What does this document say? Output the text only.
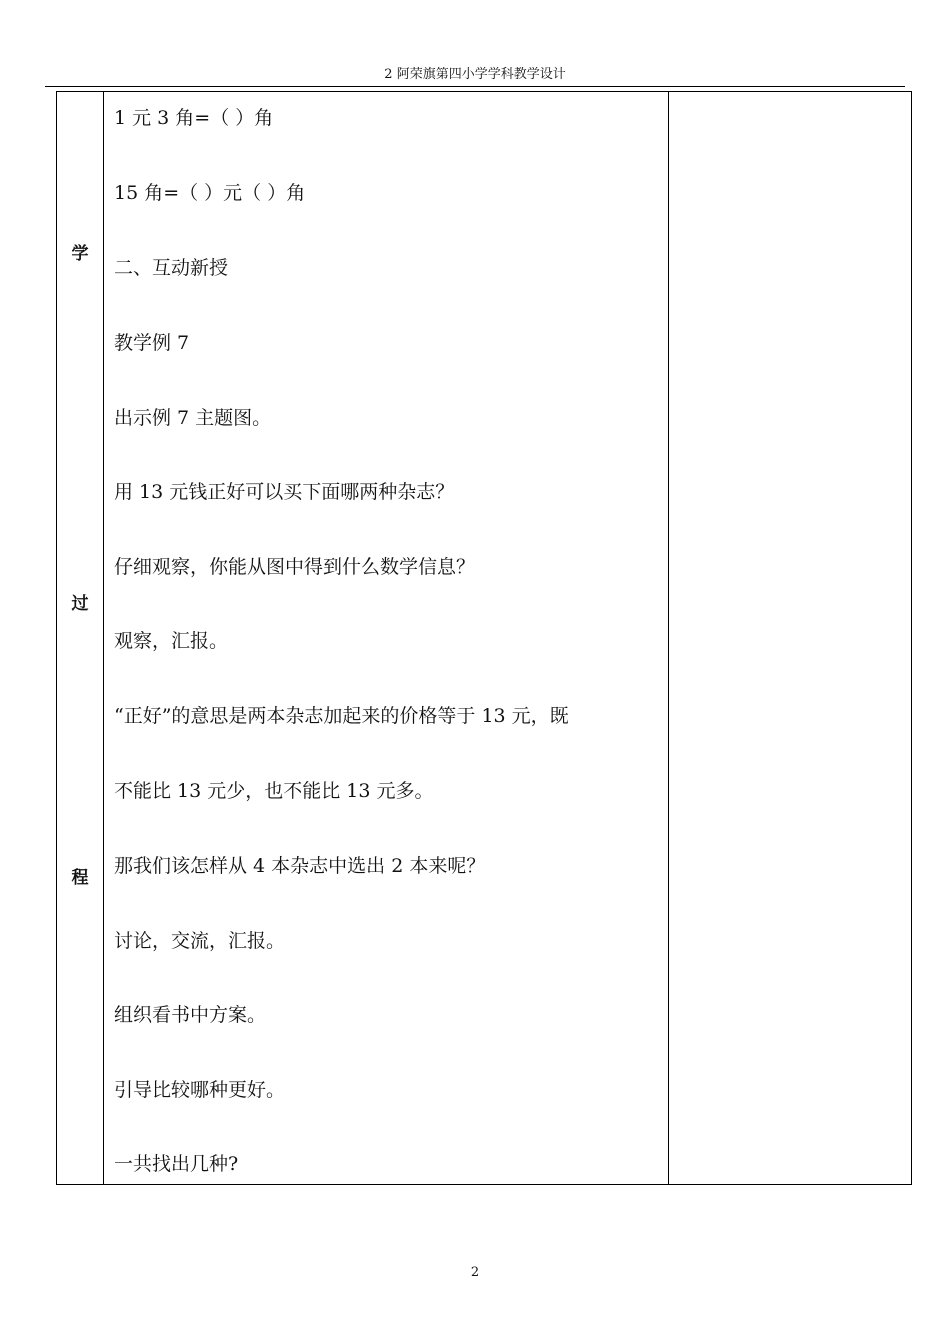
2 阿荣旗第四小学学科教学设计
学
过
程
1 元 3 角=（ ）角
15 角=（ ）元（ ）角
二、互动新授
教学例 7
出示例 7 主题图。
用 13 元钱正好可以买下面哪两种杂志？
仔细观察，你能从图中得到什么数学信息？
观察，汇报。
“正好”的意思是两本杂志加起来的价格等于 13 元，既
不能比 13 元少，也不能比 13 元多。
那我们该怎样从 4 本杂志中选出 2 本来呢？
讨论，交流，汇报。
组织看书中方案。
引导比较哪种更好。
一共找出几种?
2
